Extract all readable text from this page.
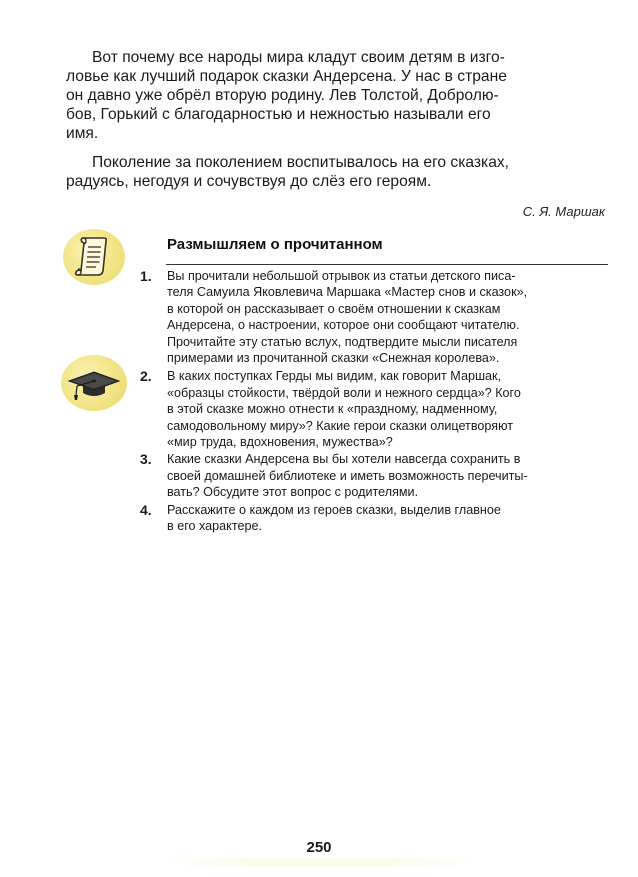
Вот почему все народы мира кладут своим детям в изго-
ловье как лучший подарок сказки Андерсена. У нас в стране
он давно уже обрёл вторую родину. Лев Толстой, Добролю-
бов, Горький с благодарностью и нежностью называли его
имя.

Поколение за поколением воспитывалось на его сказках,
радуясь, негодуя и сочувствуя до слёз его героям.

С. Я. Маршак
Размышляем о прочитанном
1. Вы прочитали небольшой отрывок из статьи детского писа-
теля Самуила Яковлевича Маршака «Мастер снов и сказок»,
в которой он рассказывает о своём отношении к сказкам
Андерсена, о настроении, которое они сообщают читателю.
Прочитайте эту статью вслух, подтвердите мысли писателя
примерами из прочитанной сказки «Снежная королева».
2. В каких поступках Герды мы видим, как говорит Маршак,
«образцы стойкости, твёрдой воли и нежного сердца»? Кого
в этой сказке можно отнести к «праздному, надменному,
самодовольному миру»? Какие герои сказки олицетворяют
«мир труда, вдохновения, мужества»?
3. Какие сказки Андерсена вы бы хотели навсегда сохранить в
своей домашней библиотеке и иметь возможность перечиты-
вать? Обсудите этот вопрос с родителями.
4. Расскажите о каждом из героев сказки, выделив главное
в его характере.
250
